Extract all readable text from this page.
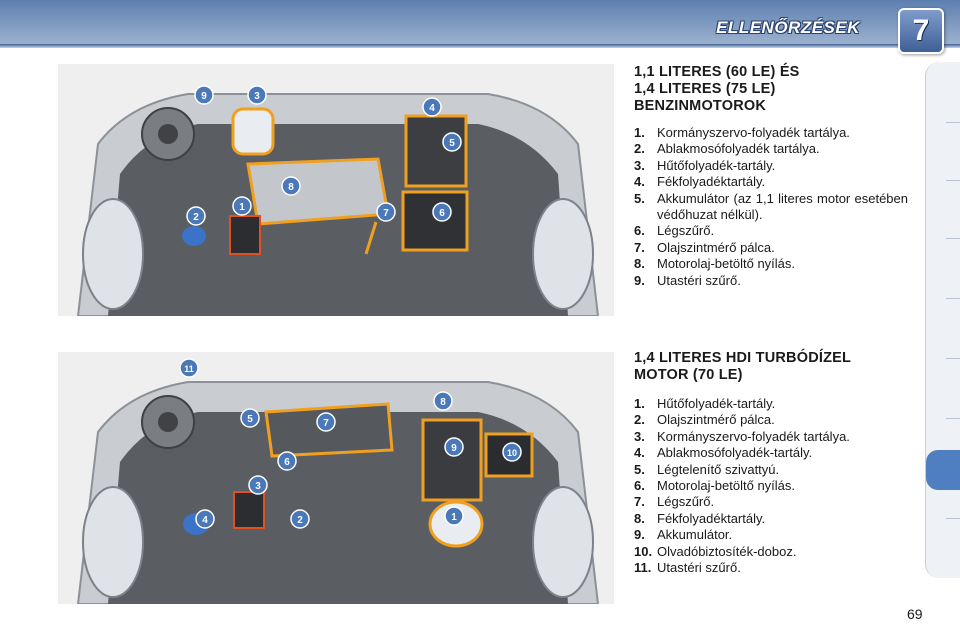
ELLENŐRZÉSEK	7
9	3
4
5
8
2
1
7	6
1,1 LITERES (60 LE) ÉS
1,4 LITERES (75 LE)
BENZINMOTOROK
1. Kormányszervo-folyadék tartálya.
2. Ablakmosófolyadék tartálya.
3. Hűtőfolyadék-tartály.
4. Fékfolyadéktartály.
5. Akkumulátor (az 1,1 literes motor esetében védőhuzat nélkül).
6. Légszűrő.
7. Olajszintmérő pálca.
8. Motorolaj-betöltő nyílás.
9. Utastéri szűrő.
11
5	7
8
6
9	10
3
4	2	1
1,4 LITERES HDI TURBÓDÍZEL
MOTOR (70 LE)
1. Hűtőfolyadék-tartály.
2. Olajszintmérő pálca.
3. Kormányszervo-folyadék tartálya.
4. Ablakmosófolyadék-tartály.
5. Légtelenítő szivattyú.
6. Motorolaj-betöltő nyílás.
7. Légszűrő.
8. Fékfolyadéktartály.
9. Akkumulátor.
10. Olvadóbiztosíték-doboz.
11. Utastéri szűrő.
69
